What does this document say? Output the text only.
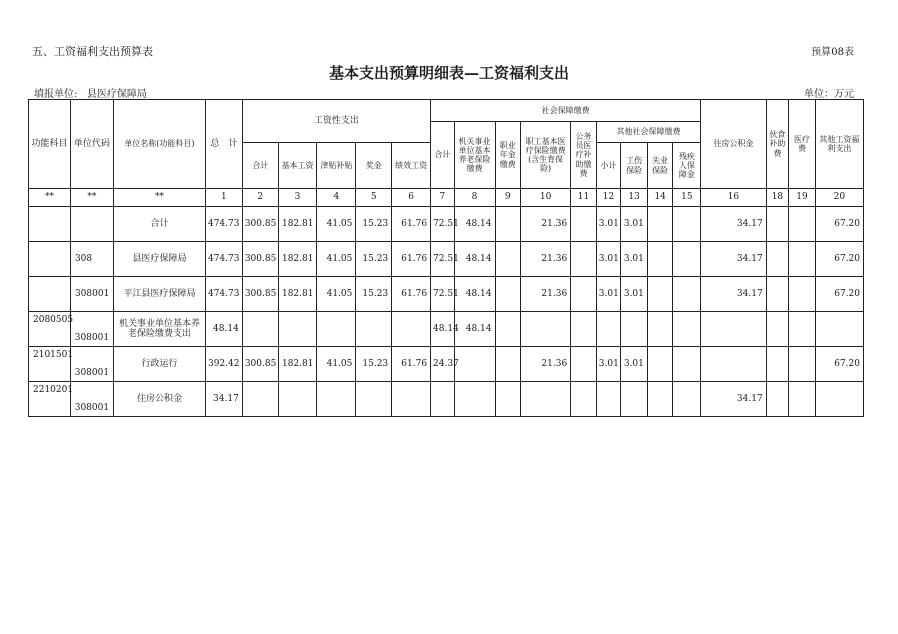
五、工资福利支出预算表	预算08表
基本支出预算明细表—工资福利支出
填报单位: 县医疗保障局	单位：万元
功能科目	单位代码	单位名称(功能科目)	总　计	工资性支出					社会保障缴费									住房公积金	伙食补助费	医疗费	其他工资福利支出
									合计	机关事业单位基本养老保险缴费	职业年金缴费	职工基本医疗保险缴费(含生育保险)	公务员医疗补助缴费	其他社会保障缴费							
				合计	基本工资	津贴补贴	奖金	绩效工资						小计	工伤保险	失业保险	残疾人保障金				
**	**	**	1	2	3	4	5	6	7	8	9	10	11	12	13	14	15	16	18	19	20
		合计	474.73	300.85	182.81	41.05	15.23	61.76	72.51	48.14		21.36		3.01	3.01			34.17			67.20
	308	县医疗保障局	474.73	300.85	182.81	41.05	15.23	61.76	72.51	48.14		21.36		3.01	3.01			34.17			67.20
	308001	平江县医疗保障局	474.73	300.85	182.81	41.05	15.23	61.76	72.51	48.14		21.36		3.01	3.01			34.17			67.20
2080505	308001	机关事业单位基本养老保险缴费支出	48.14						48.14	48.14											
2101501	308001	行政运行	392.42	300.85	182.81	41.05	15.23	61.76	24.37			21.36		3.01	3.01						67.20
2210201	308001	住房公积金	34.17															34.17			
